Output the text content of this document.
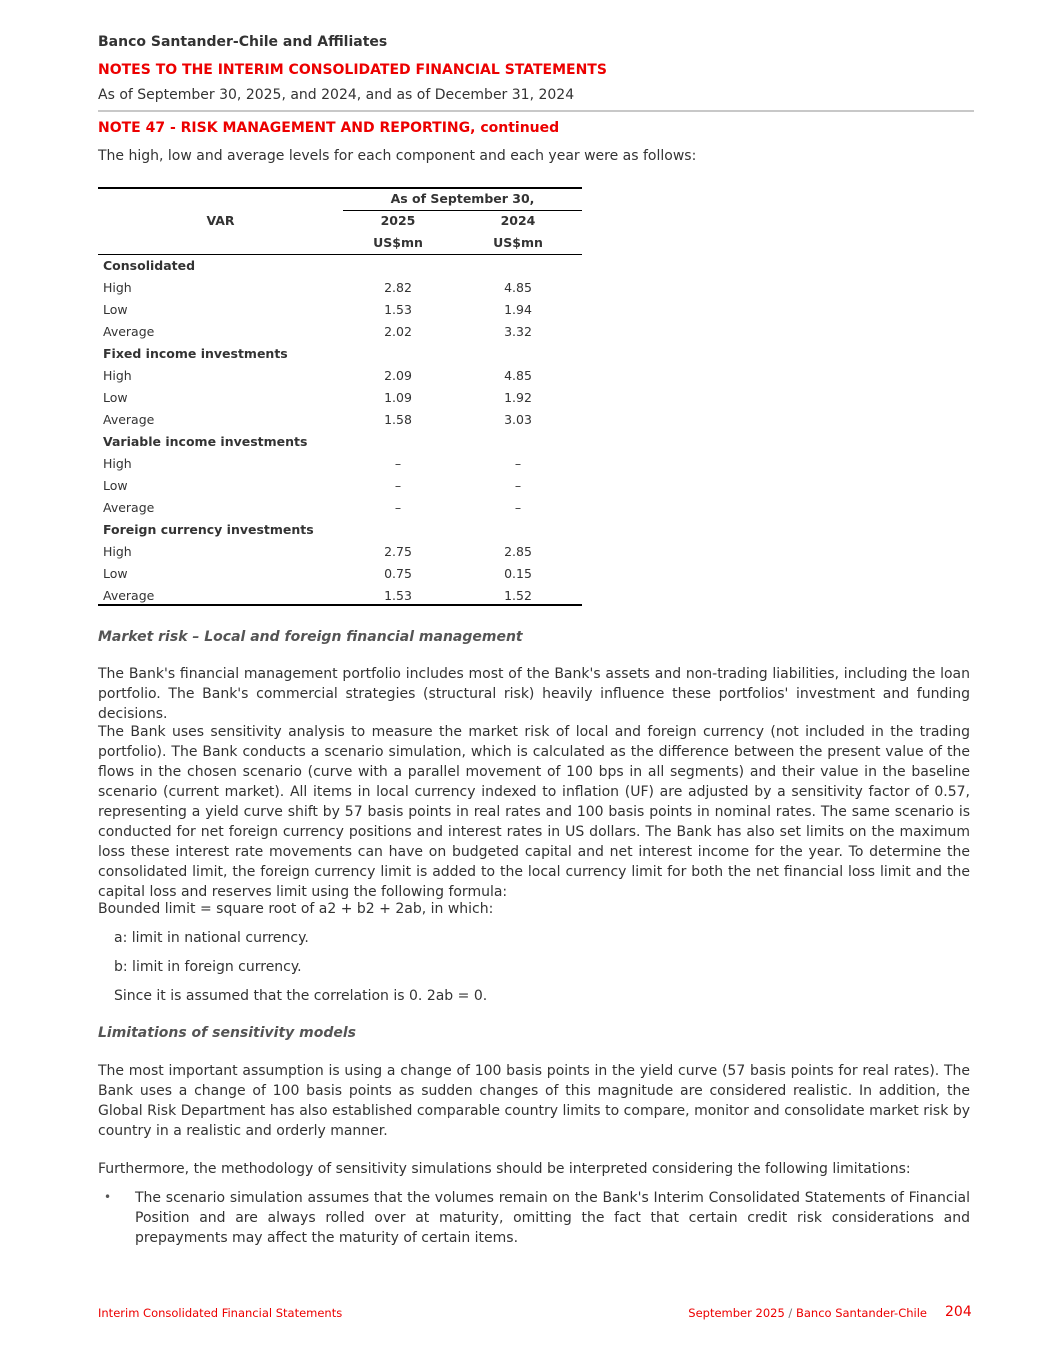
Banco Santander-Chile and Affiliates
NOTES TO THE INTERIM CONSOLIDATED FINANCIAL STATEMENTS
As of September 30, 2025, and 2024, and as of December 31, 2024
NOTE 47 - RISK MANAGEMENT AND REPORTING, continued
The high, low and average levels for each component and each year were as follows:
As of September 30,
VAR	2025	2024
US$mn	US$mn
Consolidated
High	2.82	4.85
Low	1.53	1.94
Average	2.02	3.32
Fixed income investments
High	2.09	4.85
Low	1.09	1.92
Average	1.58	3.03
Variable income investments
High	–	–
Low	–	–
Average	–	–
Foreign currency investments
High	2.75	2.85
Low	0.75	0.15
Average	1.53	1.52
Market risk – Local and foreign financial management
The Bank's financial management portfolio includes most of the Bank's assets and non-trading liabilities, including the loan portfolio. The Bank's commercial strategies (structural risk) heavily influence these portfolios' investment and funding decisions.
The Bank uses sensitivity analysis to measure the market risk of local and foreign currency (not included in the trading portfolio). The Bank conducts a scenario simulation, which is calculated as the difference between the present value of the flows in the chosen scenario (curve with a parallel movement of 100 bps in all segments) and their value in the baseline scenario (current market). All items in local currency indexed to inflation (UF) are adjusted by a sensitivity factor of 0.57, representing a yield curve shift by 57 basis points in real rates and 100 basis points in nominal rates. The same scenario is conducted for net foreign currency positions and interest rates in US dollars. The Bank has also set limits on the maximum loss these interest rate movements can have on budgeted capital and net interest income for the year. To determine the consolidated limit, the foreign currency limit is added to the local currency limit for both the net financial loss limit and the capital loss and reserves limit using the following formula:
Bounded limit = square root of a2 + b2 + 2ab, in which:
a: limit in national currency.
b: limit in foreign currency.
Since it is assumed that the correlation is 0. 2ab = 0.
Limitations of sensitivity models
The most important assumption is using a change of 100 basis points in the yield curve (57 basis points for real rates). The Bank uses a change of 100 basis points as sudden changes of this magnitude are considered realistic. In addition, the Global Risk Department has also established comparable country limits to compare, monitor and consolidate market risk by country in a realistic and orderly manner.
Furthermore, the methodology of sensitivity simulations should be interpreted considering the following limitations:
• The scenario simulation assumes that the volumes remain on the Bank's Interim Consolidated Statements of Financial Position and are always rolled over at maturity, omitting the fact that certain credit risk considerations and prepayments may affect the maturity of certain items.
Interim Consolidated Financial Statements	September 2025 / Banco Santander-Chile 204
